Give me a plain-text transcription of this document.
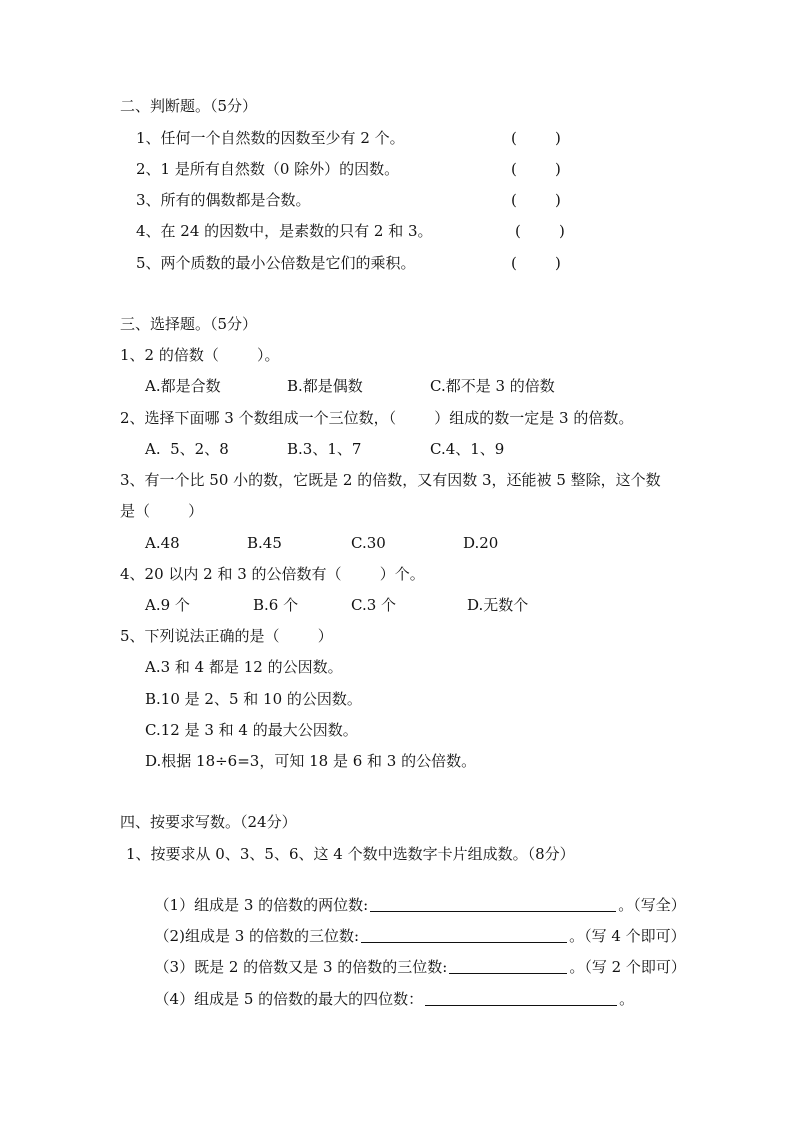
二、判断题。（5分）
1、任何一个自然数的因数至少有 2 个。	(        )
2、1 是所有自然数（0 除外）的因数。	(        )
3、所有的偶数都是合数。	(        )
4、在 24 的因数中，是素数的只有 2 和 3。	(        )
5、两个质数的最小公倍数是它们的乘积。	(        )
三、选择题。（5分）
1、2 的倍数（        ）。
A.都是合数	B.都是偶数	C.都不是 3 的倍数
2、选择下面哪 3 个数组成一个三位数，（        ）组成的数一定是 3 的倍数。
A.  5、2、8	B.3、1、7	C.4、1、9
3、有一个比 50 小的数，它既是 2 的倍数，又有因数 3，还能被 5 整除，这个数
是（        ）
A.48	B.45	C.30	D.20
4、20 以内 2 和 3 的公倍数有（        ）个。
A.9 个	B.6 个	C.3 个	D.无数个
5、下列说法正确的是（        ）
A.3 和 4 都是 12 的公因数。
B.10 是 2、5 和 10 的公因数。
C.12 是 3 和 4 的最大公因数。
D.根据 18÷6=3，可知 18 是 6 和 3 的公倍数。
四、按要求写数。（24分）
1、按要求从 0、3、5、6、这 4 个数中选数字卡片组成数。（8分）

（1）组成是 3 的倍数的两位数:	。（写全）

（2)组成是 3 的倍数的三位数:	。（写 4 个即可）

（3）既是 2 的倍数又是 3 的倍数的三位数:	。（写 2 个即可）

（4）组成是 5 的倍数的最大的四位数：	。
